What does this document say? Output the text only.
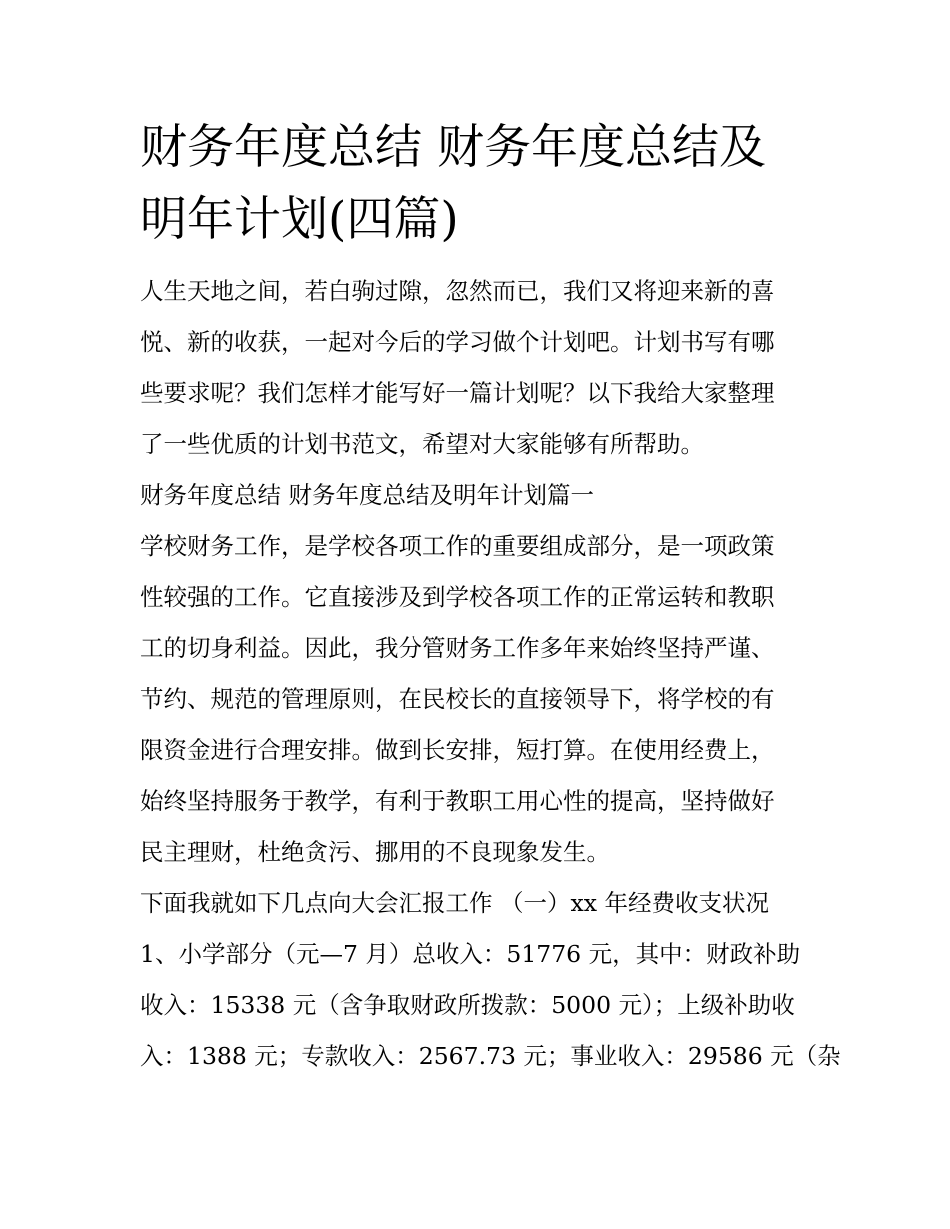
财务年度总结 财务年度总结及
明年计划(四篇)
人生天地之间，若白驹过隙，忽然而已，我们又将迎来新的喜
悦、新的收获，一起对今后的学习做个计划吧。计划书写有哪
些要求呢？我们怎样才能写好一篇计划呢？以下我给大家整理
了一些优质的计划书范文，希望对大家能够有所帮助。
财务年度总结 财务年度总结及明年计划篇一
学校财务工作，是学校各项工作的重要组成部分，是一项政策
性较强的工作。它直接涉及到学校各项工作的正常运转和教职
工的切身利益。因此，我分管财务工作多年来始终坚持严谨、
节约、规范的管理原则，在民校长的直接领导下，将学校的有
限资金进行合理安排。做到长安排，短打算。在使用经费上，
始终坚持服务于教学，有利于教职工用心性的提高，坚持做好
民主理财，杜绝贪污、挪用的不良现象发生。
下面我就如下几点向大会汇报工作 （一）xx 年经费收支状况
1、小学部分（元—7 月）总收入：51776 元，其中：财政补助
收入：15338 元（含争取财政所拨款：5000 元）；上级补助收
入：1388 元；专款收入：2567.73 元；事业收入：29586 元（杂
